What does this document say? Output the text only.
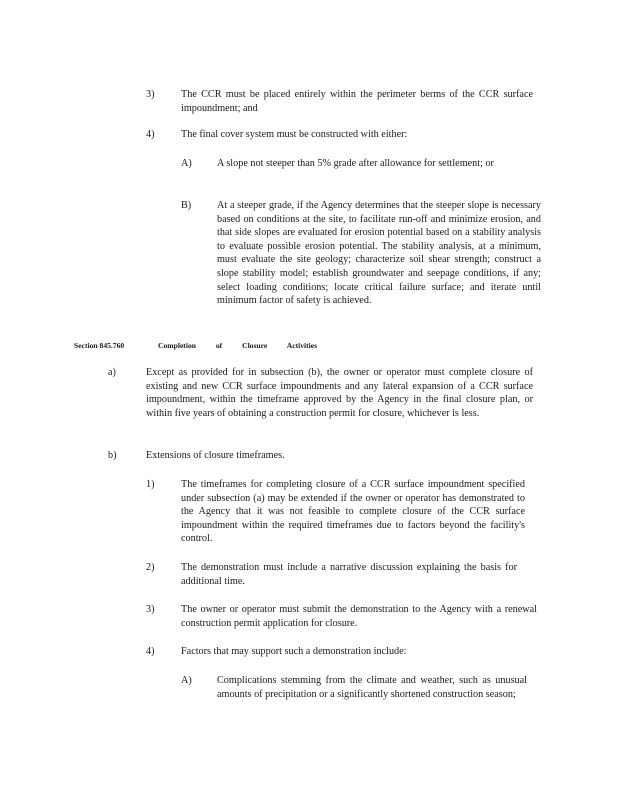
3)	The CCR must be placed entirely within the perimeter berms of the CCR surface impoundment; and
4)	The final cover system must be constructed with either:
A) A slope not steeper than 5% grade after allowance for settlement; or
B)	At a steeper grade, if the Agency determines that the steeper slope is necessary based on conditions at the site, to facilitate run-off and minimize erosion, and that side slopes are evaluated for erosion potential based on a stability analysis to evaluate possible erosion potential. The stability analysis, at a minimum, must evaluate the site geology; characterize soil shear strength; construct a slope stability model; establish groundwater and seepage conditions, if any; select loading conditions; locate critical failure surface; and iterate until minimum factor of safety is achieved.
Section 845.760	Completion of Closure Activities
a)	Except as provided for in subsection (b), the owner or operator must complete closure of existing and new CCR surface impoundments and any lateral expansion of a CCR surface impoundment, within the timeframe approved by the Agency in the final closure plan, or within five years of obtaining a construction permit for closure, whichever is less.
b)	Extensions of closure timeframes.
1)	The timeframes for completing closure of a CCR surface impoundment specified under subsection (a) may be extended if the owner or operator has demonstrated to the Agency that it was not feasible to complete closure of the CCR surface impoundment within the required timeframes due to factors beyond the facility's control.
2)	The demonstration must include a narrative discussion explaining the basis for additional time.
3)	The owner or operator must submit the demonstration to the Agency with a renewal construction permit application for closure.
4)	Factors that may support such a demonstration include:
A) Complications stemming from the climate and weather, such as unusual amounts of precipitation or a significantly shortened construction season;
